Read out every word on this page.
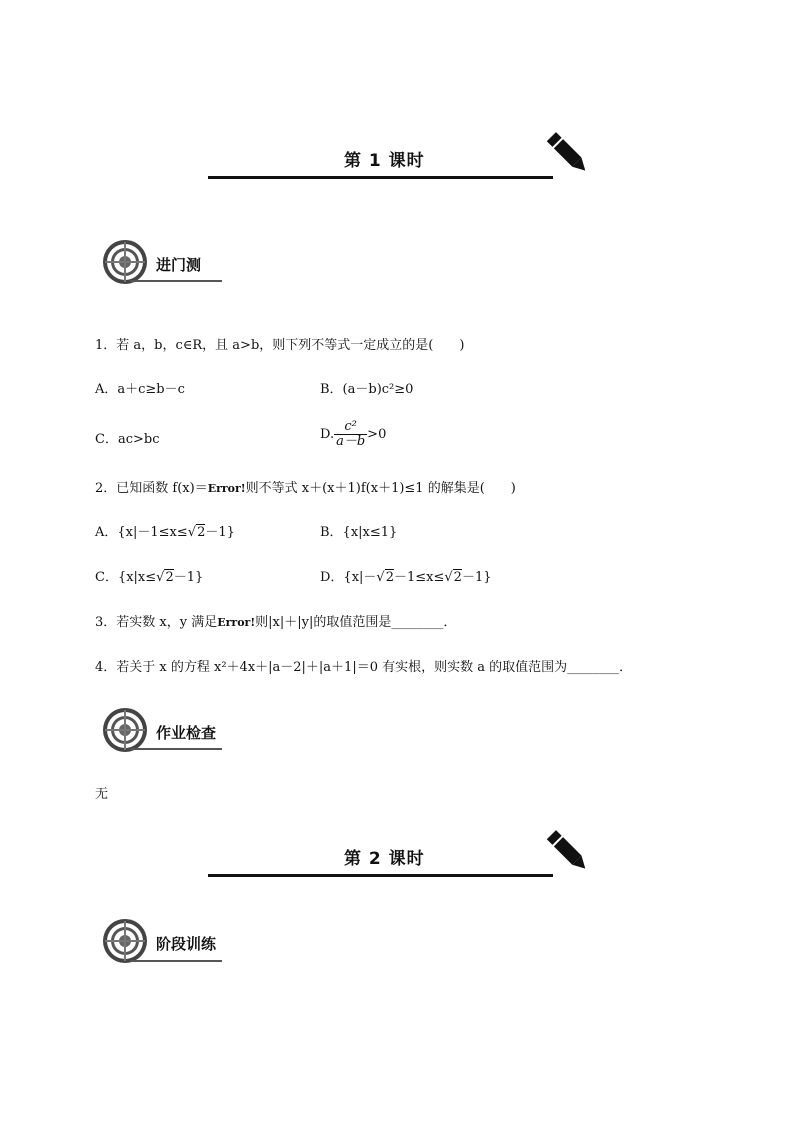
第 1 课时
进门测
1．若 a，b，c∈R，且 a>b，则下列不等式一定成立的是(　　)
A．a＋c≥b－c	B．(a－b)c²≥0
C．ac>bc	D. $\frac{\text{c²}}{a-b} >0$
2．已知函数 f(x)＝Error!则不等式 x＋(x＋1)f(x＋1)≤1 的解集是(　　)
A．{x|－1≤x≤√2－1}	B．{x|x≤1}
C．{x|x≤√2－1}	D．{x|－√2－1≤x≤√2－1}
3．若实数 x，y 满足Error!则|x|＋|y|的取值范围是________．
4．若关于 x 的方程 x²＋4x＋|a－2|＋|a＋1|＝0 有实根，则实数 a 的取值范围为________．
作业检查
无
第 2 课时
阶段训练
